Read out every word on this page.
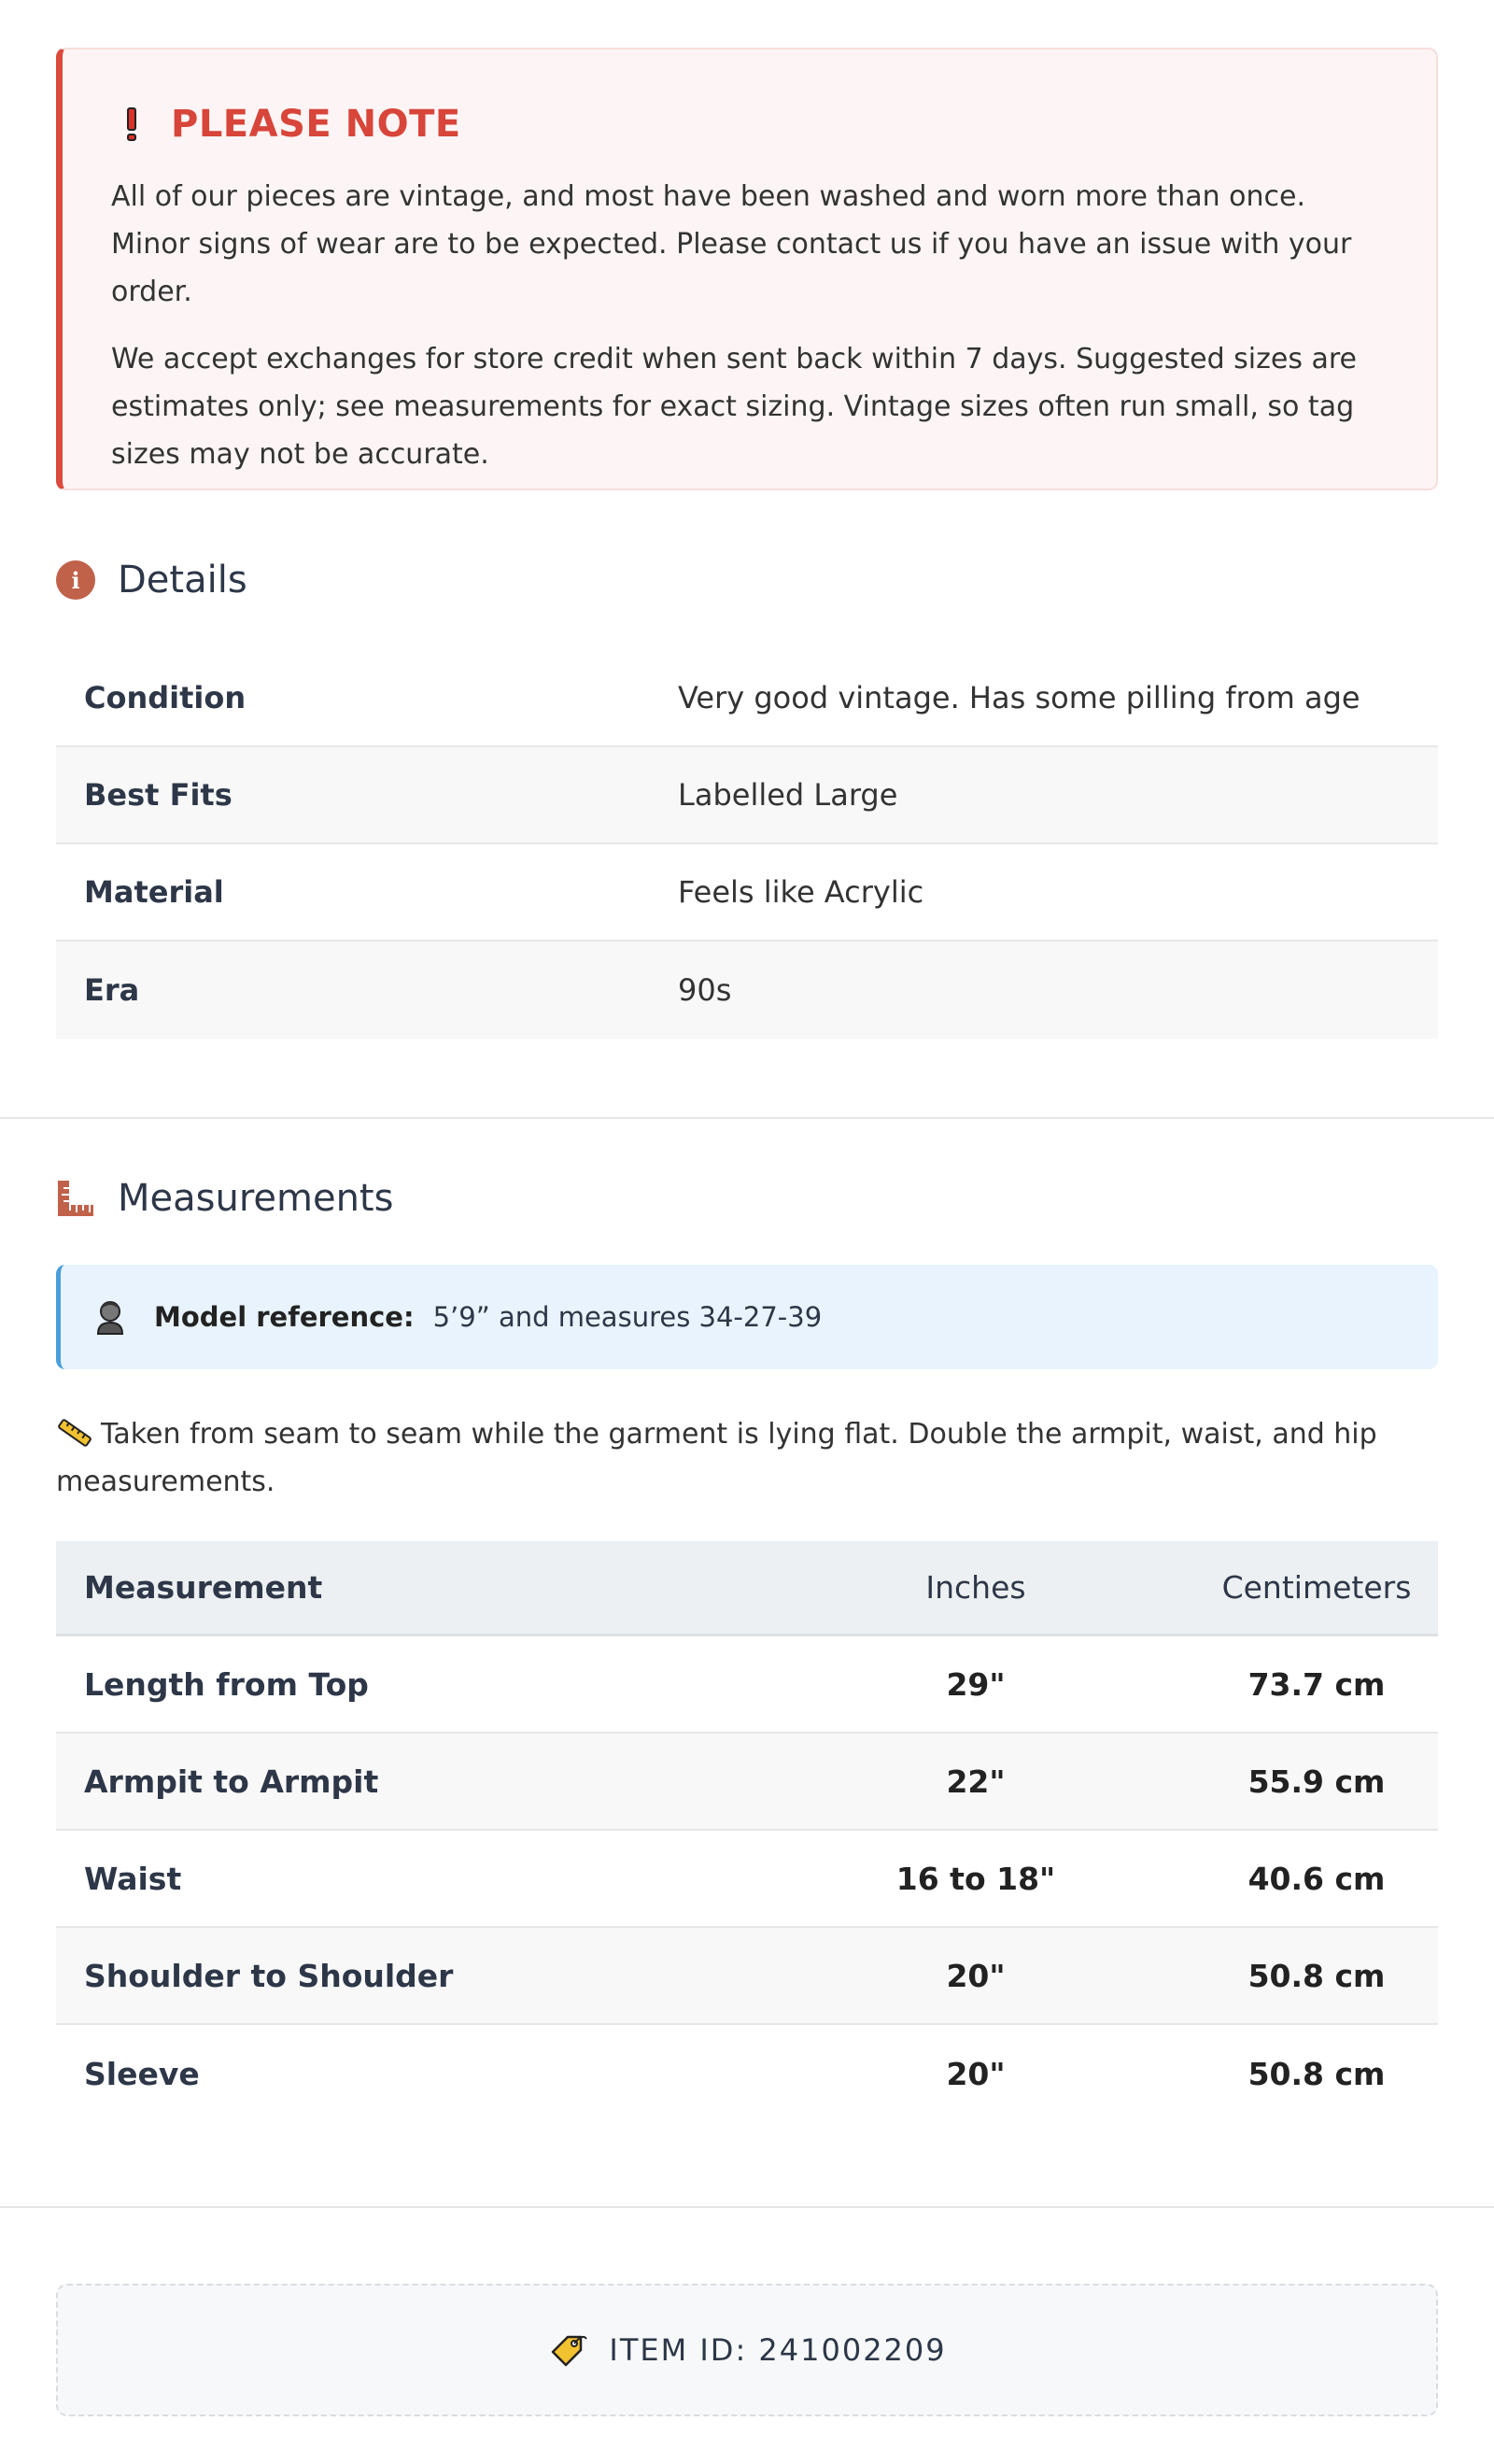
PLEASE NOTE

All of our pieces are vintage, and most have been washed and worn more than once. Minor signs of wear are to be expected. Please contact us if you have an issue with your order.

We accept exchanges for store credit when sent back within 7 days. Suggested sizes are estimates only; see measurements for exact sizing. Vintage sizes often run small, so tag sizes may not be accurate.

i	Details
Condition	Very good vintage. Has some pilling from age
Best Fits	Labelled Large
Material	Feels like Acrylic
Era	90s
Measurements
Model reference: 5’9” and measures 34-27-39
Taken from seam to seam while the garment is lying flat. Double the armpit, waist, and hip measurements.
Measurement	Inches	Centimeters
Length from Top	29"	73.7 cm
Armpit to Armpit	22"	55.9 cm
Waist	16 to 18"	40.6 cm
Shoulder to Shoulder	20"	50.8 cm
Sleeve	20"	50.8 cm
ITEM ID: 241002209
